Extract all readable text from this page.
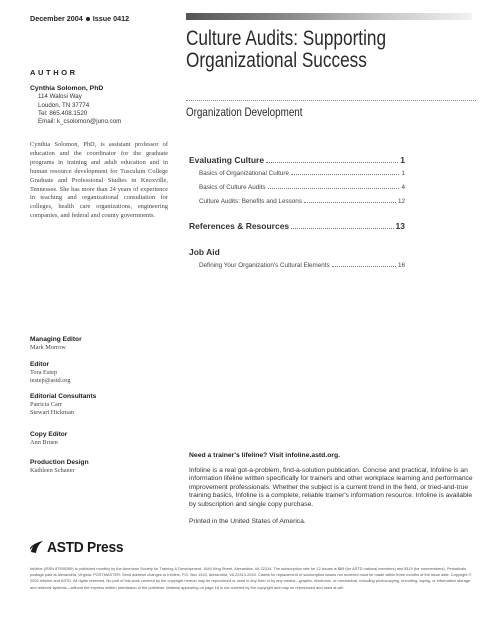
December 2004 Issue 0412
AUTHOR
Cynthia Solomon, PhD
114 Walosi Way
Loudon, TN 37774
Tel: 865.408.1520
Email: k_csolomon@juno.com
Cynthia Solomon, PhD, is assistant professor of education and the coordinator for the graduate programs in training and adult education and in human resource development for Tusculum College Graduate and Professional Studies in Knoxville, Tennessee. She has more than 24 years of experience in teaching and organizational consultation for colleges, health care organizations, engineering companies, and federal and county governments.
Managing Editor
Mark Morrow
Editor
Tora Estep
testep@astd.org
Editorial Consultants
Patricia Carr
Stewart Hickman
Copy Editor
Ann Bruen
Production Design
Kathleen Schaner
Culture Audits: Supporting
Organizational Success
Organization Development
Evaluating Culture	1
Basics of Organizational Culture	1
Basics of Culture Audits	4
Culture Audits: Benefits and Lessons	12
References & Resources	13
Job Aid
Defining Your Organization's Cultural Elements	16
Need a trainer's lifeline? Visit infoline.astd.org.
Infoline is a real got-a-problem, find-a-solution publication. Concise and practical, Infoline is an information lifeline written specifically for trainers and other workplace learning and performance improvement professionals. Whether the subject is a current trend in the field, or tried-and-true training basics, Infoline is a complete, reliable trainer's information resource. Infoline is available by subscription and single copy purchase.
Printed in the United States of America.
ASTD Press
Infoline (ISSN 87559269) is published monthly by the American Society for Training & Development, 1640 King Street, Alexandria, VA 22314. The subscription rate for 12 issues is $89 (for ASTD national members) and $119 (for nonmembers). Periodicals postage paid at Alexandria, Virginia. POSTMASTER: Send address changes to Infoline, P.O. Box 1443, Alexandria, VA 22313-2043. Claims for replacement of subscription issues not received must be made within three months of the issue date. Copyright © 2004 Infoline and ASTD. All rights reserved. No part of this work covered by the copyright hereon may be reproduced or used in any form or by any means—graphic, electronic, or mechanical, including photocopying, recording, taping, or information storage and retrieval systems—without the express written permission of the publisher. Material appearing on page 16 is not covered by the copyright and may be reproduced and used at will.
